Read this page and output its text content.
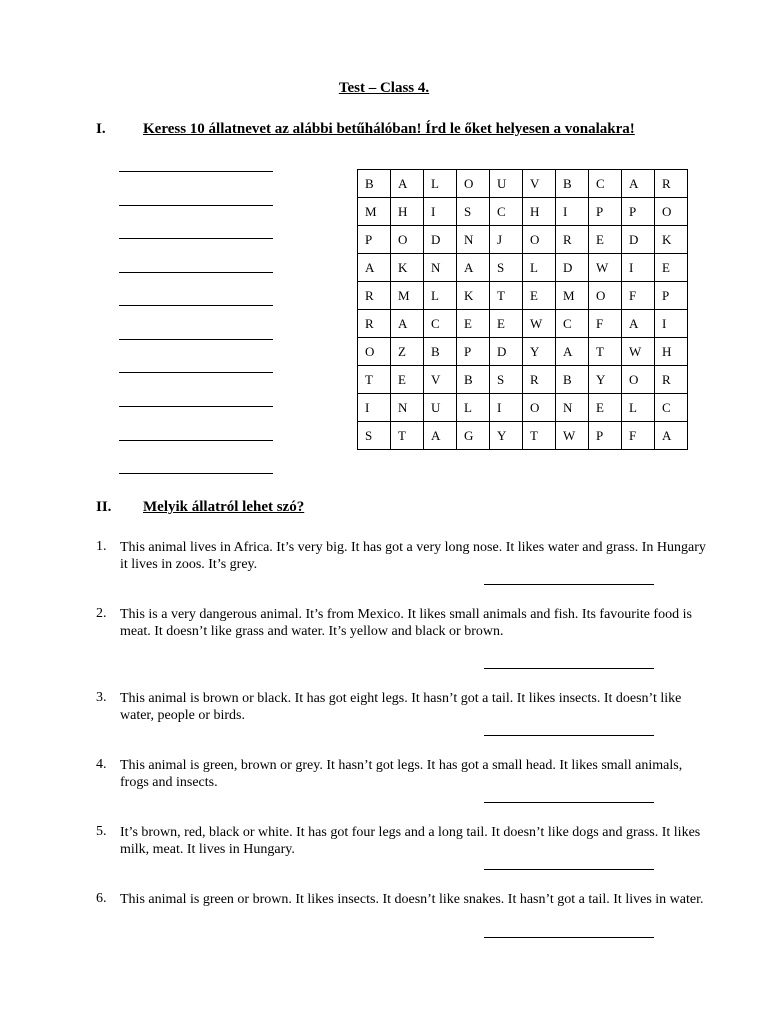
Test – Class 4.
I. Keress 10 állatnevet az alábbi betűhálóban! Írd le őket helyesen a vonalakra!
B	A	L	O	U	V	B	C	A	R
M	H	I	S	C	H	I	P	P	O
P	O	D	N	J	O	R	E	D	K
A	K	N	A	S	L	D	W	I	E
R	M	L	K	T	E	M	O	F	P
R	A	C	E	E	W	C	F	A	I
O	Z	B	P	D	Y	A	T	W	H
T	E	V	B	S	R	B	Y	O	R
I	N	U	L	I	O	N	E	L	C
S	T	A	G	Y	T	W	P	F	A
II. Melyik állatról lehet szó?
1. This animal lives in Africa. It’s very big. It has got a very long nose. It likes water and grass. In Hungary it lives in zoos. It’s grey.
2. This is a very dangerous animal. It’s from Mexico. It likes small animals and fish. Its favourite food is meat. It doesn’t like grass and water. It’s yellow and black or brown.
3. This animal is brown or black. It has got eight legs. It hasn’t got a tail. It likes insects. It doesn’t like water, people or birds.
4. This animal is green, brown or grey. It hasn’t got legs. It has got a small head. It likes small animals, frogs and insects.
5. It’s brown, red, black or white. It has got four legs and a long tail. It doesn’t like dogs and grass. It likes milk, meat. It lives in Hungary.
6. This animal is green or brown. It likes insects. It doesn’t like snakes. It hasn’t got a tail. It lives in water.
